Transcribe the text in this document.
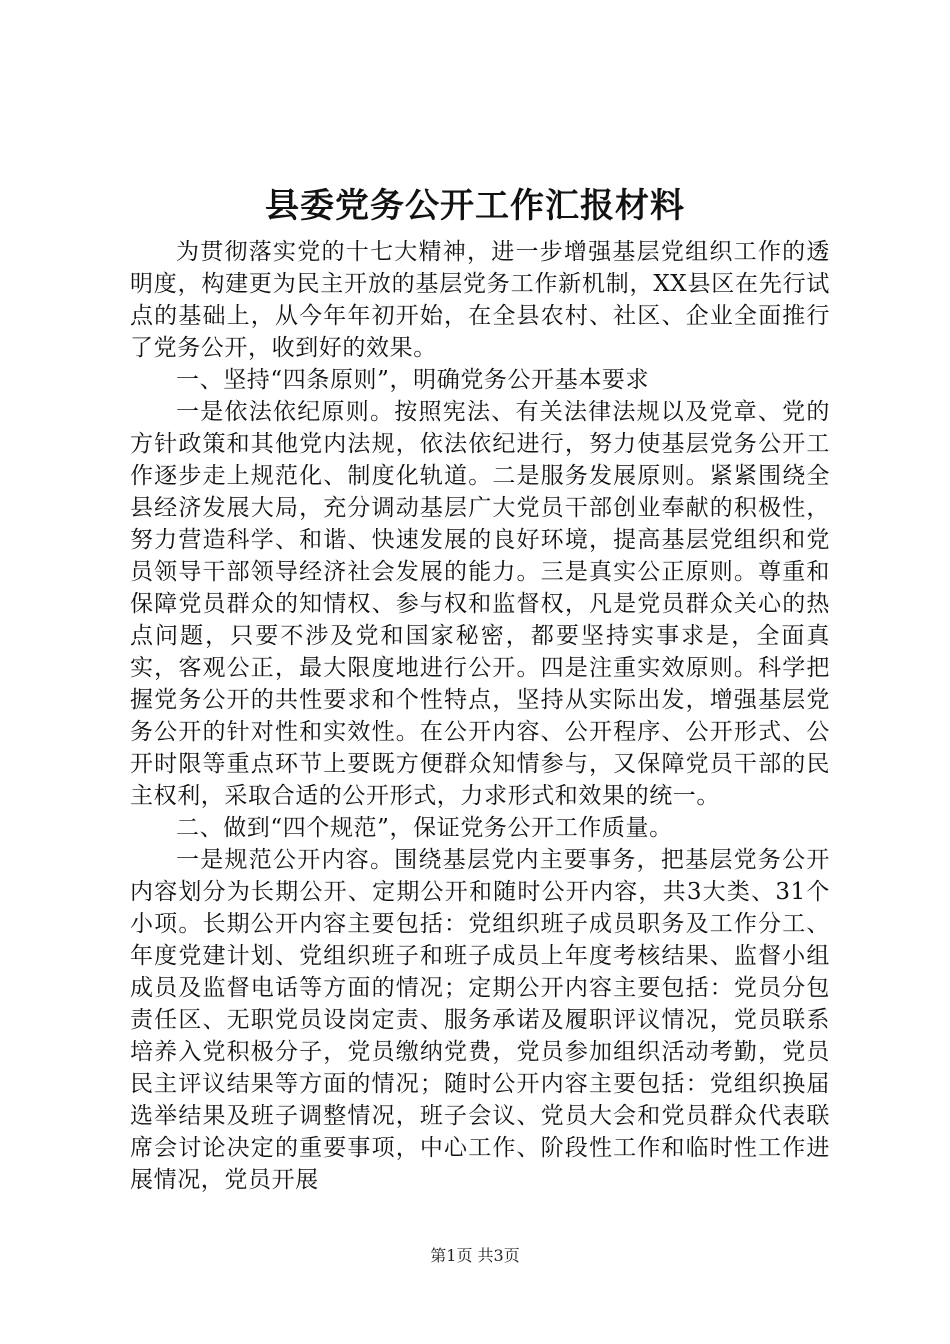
县委党务公开工作汇报材料

为贯彻落实党的十七大精神，进一步增强基层党组织工作的透明度，构建更为民主开放的基层党务工作新机制，XX县区在先行试点的基础上，从今年年初开始，在全县农村、社区、企业全面推行了党务公开，收到好的效果。

一、坚持“四条原则”，明确党务公开基本要求

一是依法依纪原则。按照宪法、有关法律法规以及党章、党的方针政策和其他党内法规，依法依纪进行，努力使基层党务公开工作逐步走上规范化、制度化轨道。二是服务发展原则。紧紧围绕全县经济发展大局，充分调动基层广大党员干部创业奉献的积极性，努力营造科学、和谐、快速发展的良好环境，提高基层党组织和党员领导干部领导经济社会发展的能力。三是真实公正原则。尊重和保障党员群众的知情权、参与权和监督权，凡是党员群众关心的热点问题，只要不涉及党和国家秘密，都要坚持实事求是，全面真实，客观公正，最大限度地进行公开。四是注重实效原则。科学把握党务公开的共性要求和个性特点，坚持从实际出发，增强基层党务公开的针对性和实效性。在公开内容、公开程序、公开形式、公开时限等重点环节上要既方便群众知情参与，又保障党员干部的民主权利，采取合适的公开形式，力求形式和效果的统一。

二、做到“四个规范”，保证党务公开工作质量。

一是规范公开内容。围绕基层党内主要事务，把基层党务公开内容划分为长期公开、定期公开和随时公开内容，共3大类、31个小项。长期公开内容主要包括：党组织班子成员职务及工作分工、年度党建计划、党组织班子和班子成员上年度考核结果、监督小组成员及监督电话等方面的情况；定期公开内容主要包括：党员分包责任区、无职党员设岗定责、服务承诺及履职评议情况，党员联系培养入党积极分子，党员缴纳党费，党员参加组织活动考勤，党员民主评议结果等方面的情况；随时公开内容主要包括：党组织换届选举结果及班子调整情况，班子会议、党员大会和党员群众代表联席会讨论决定的重要事项，中心工作、阶段性工作和临时性工作进展情况，党员开展

第1页 共3页
